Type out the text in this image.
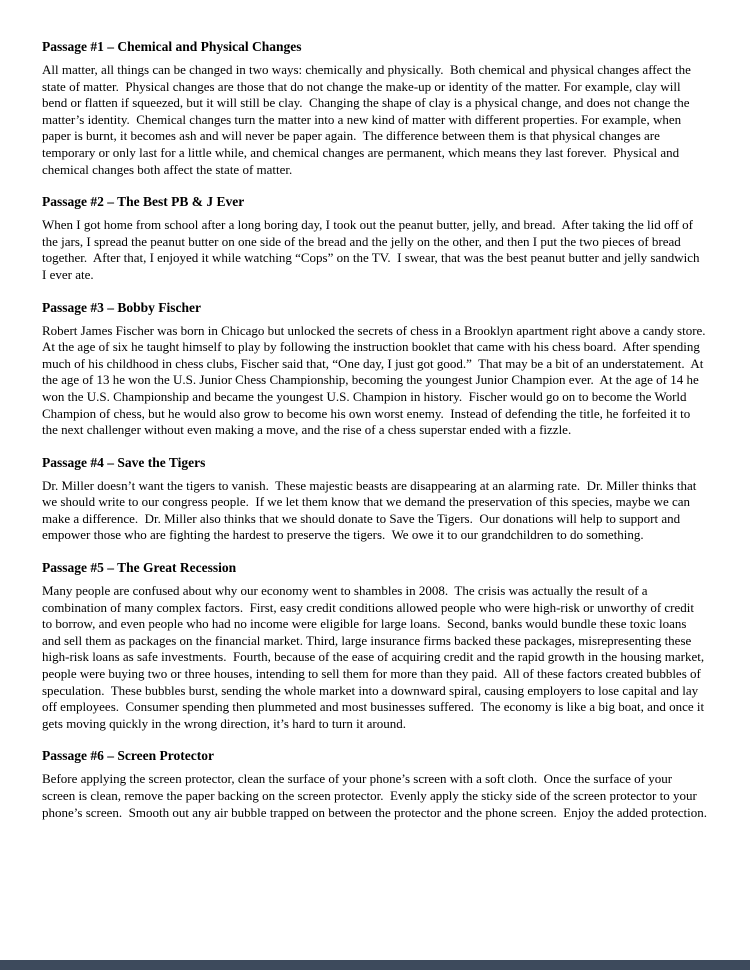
Passage #1 – Chemical and Physical Changes

All matter, all things can be changed in two ways: chemically and physically.  Both chemical and physical changes affect the state of matter.  Physical changes are those that do not change the make-up or identity of the matter. For example, clay will bend or flatten if squeezed, but it will still be clay.  Changing the shape of clay is a physical change, and does not change the matter’s identity.  Chemical changes turn the matter into a new kind of matter with different properties. For example, when paper is burnt, it becomes ash and will never be paper again.  The difference between them is that physical changes are temporary or only last for a little while, and chemical changes are permanent, which means they last forever.  Physical and chemical changes both affect the state of matter.

Passage #2 – The Best PB & J Ever

When I got home from school after a long boring day, I took out the peanut butter, jelly, and bread.  After taking the lid off of the jars, I spread the peanut butter on one side of the bread and the jelly on the other, and then I put the two pieces of bread together.  After that, I enjoyed it while watching “Cops” on the TV.  I swear, that was the best peanut butter and jelly sandwich I ever ate.

Passage #3 – Bobby Fischer

Robert James Fischer was born in Chicago but unlocked the secrets of chess in a Brooklyn apartment right above a candy store.  At the age of six he taught himself to play by following the instruction booklet that came with his chess board.  After spending much of his childhood in chess clubs, Fischer said that, “One day, I just got good.”  That may be a bit of an understatement.  At the age of 13 he won the U.S. Junior Chess Championship, becoming the youngest Junior Champion ever.  At the age of 14 he won the U.S. Championship and became the youngest U.S. Champion in history.  Fischer would go on to become the World Champion of chess, but he would also grow to become his own worst enemy.  Instead of defending the title, he forfeited it to the next challenger without even making a move, and the rise of a chess superstar ended with a fizzle.

Passage #4 – Save the Tigers

Dr. Miller doesn’t want the tigers to vanish.  These majestic beasts are disappearing at an alarming rate.  Dr. Miller thinks that we should write to our congress people.  If we let them know that we demand the preservation of this species, maybe we can make a difference.  Dr. Miller also thinks that we should donate to Save the Tigers.  Our donations will help to support and empower those who are fighting the hardest to preserve the tigers.  We owe it to our grandchildren to do something.

Passage #5 – The Great Recession

Many people are confused about why our economy went to shambles in 2008.  The crisis was actually the result of a combination of many complex factors.  First, easy credit conditions allowed people who were high-risk or unworthy of credit to borrow, and even people who had no income were eligible for large loans.  Second, banks would bundle these toxic loans and sell them as packages on the financial market. Third, large insurance firms backed these packages, misrepresenting these high-risk loans as safe investments.  Fourth, because of the ease of acquiring credit and the rapid growth in the housing market, people were buying two or three houses, intending to sell them for more than they paid.  All of these factors created bubbles of speculation.  These bubbles burst, sending the whole market into a downward spiral, causing employers to lose capital and lay off employees.  Consumer spending then plummeted and most businesses suffered.  The economy is like a big boat, and once it gets moving quickly in the wrong direction, it’s hard to turn it around.

Passage #6 – Screen Protector

Before applying the screen protector, clean the surface of your phone’s screen with a soft cloth.  Once the surface of your screen is clean, remove the paper backing on the screen protector.  Evenly apply the sticky side of the screen protector to your phone’s screen.  Smooth out any air bubble trapped on between the protector and the phone screen.  Enjoy the added protection.
